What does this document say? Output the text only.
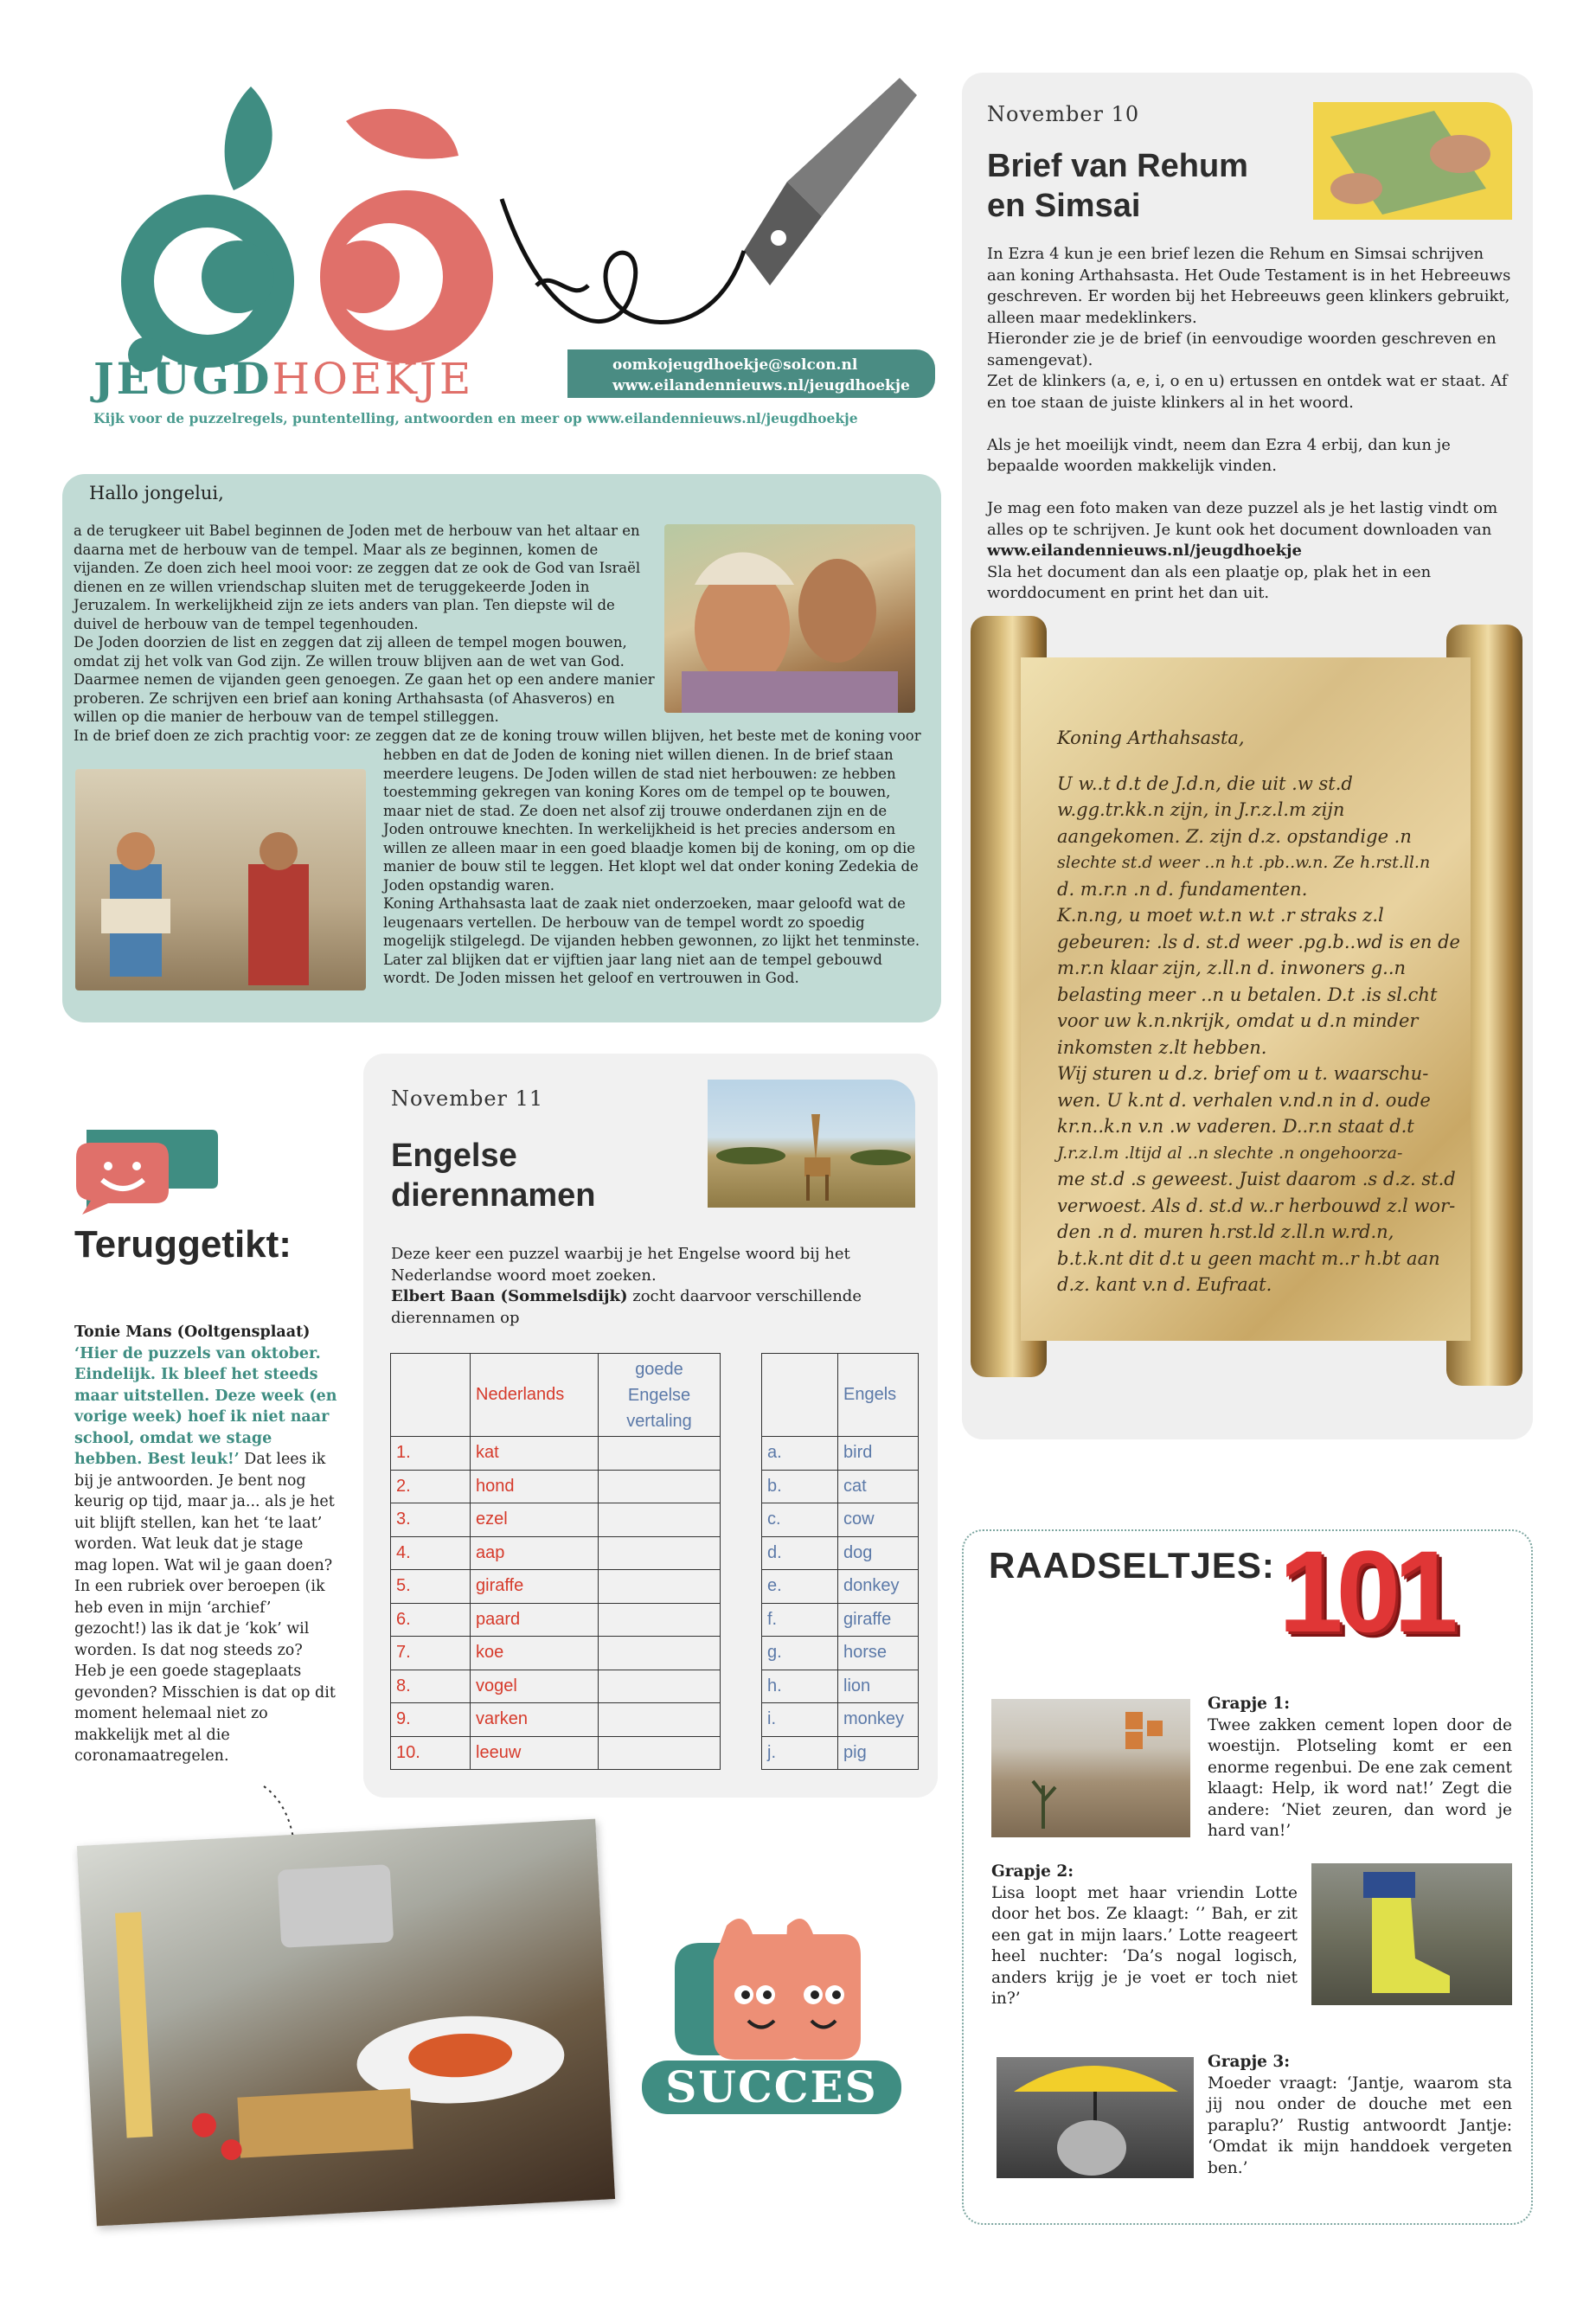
JEUGDHOEKJE	oomkojeugdhoekje@solcon.nl
www.eilandennieuws.nl/jeugdhoekje
Kijk voor de puzzelregels, puntentelling, antwoorden en meer op www.eilandennieuws.nl/jeugdhoekje
Hallo jongelui,
a de terugkeer uit Babel beginnen de Joden met de herbouw van het altaar en daarna met de herbouw van de tempel. Maar als ze beginnen, komen de vijanden. Ze doen zich heel mooi voor: ze zeggen dat ze ook de God van Israël dienen en ze willen vriendschap sluiten met de teruggekeerde Joden in Jeruzalem. In werkelijkheid zijn ze iets anders van plan. Ten diepste wil de duivel de herbouw van de tempel tegenhouden.
De Joden doorzien de list en zeggen dat zij alleen de tempel mogen bouwen, omdat zij het volk van God zijn. Ze willen trouw blijven aan de wet van God. Daarmee nemen de vijanden geen genoegen. Ze gaan het op een andere manier proberen. Ze schrijven een brief aan koning Arthahsasta (of Ahasveros) en willen op die manier de herbouw van de tempel stilleggen.
In de brief doen ze zich prachtig voor: ze zeggen dat ze de koning trouw willen blijven, het beste met de koning voor
hebben en dat de Joden de koning niet willen dienen. In de brief staan meerdere leugens. De Joden willen de stad niet herbouwen: ze hebben toestemming gekregen van koning Kores om de tempel op te bouwen, maar niet de stad. Ze doen net alsof zij trouwe onderdanen zijn en de Joden ontrouwe knechten. In werkelijkheid is het precies andersom en willen ze alleen maar in een goed blaadje komen bij de koning, om op die manier de bouw stil te leggen. Het klopt wel dat onder koning Zedekia de Joden opstandig waren.
Koning Arthahsasta laat de zaak niet onderzoeken, maar geloofd wat de leugenaars vertellen. De herbouw van de tempel wordt zo spoedig mogelijk stilgelegd. De vijanden hebben gewonnen, zo lijkt het tenminste. Later zal blijken dat er vijftien jaar lang niet aan de tempel gebouwd wordt. De Joden missen het geloof en vertrouwen in God.
November 10
Brief van Rehum
en Simsai
In Ezra 4 kun je een brief lezen die Rehum en Simsai schrijven aan koning Arthahsasta. Het Oude Testament is in het Hebreeuws geschreven. Er worden bij het Hebreeuws geen klinkers gebruikt, alleen maar medeklinkers.
Hieronder zie je de brief (in eenvoudige woorden geschreven en samengevat).
Zet de klinkers (a, e, i, o en u) ertussen en ontdek wat er staat. Af en toe staan de juiste klinkers al in het woord.

Als je het moeilijk vindt, neem dan Ezra 4 erbij, dan kun je bepaalde woorden makkelijk vinden.

Je mag een foto maken van deze puzzel als je het lastig vindt om alles op te schrijven. Je kunt ook het document downloaden van www.eilandennieuws.nl/jeugdhoekje
Sla het document dan als een plaatje op, plak het in een worddocument en print het dan uit.
Koning Arthahsasta,
U w..t d.t de J.d.n, die uit .w st.d
w.gg.tr.kk.n zijn, in J.r.z.l.m zijn
aangekomen. Z. zijn d.z. opstandige .n
slechte st.d weer ..n h.t .pb..w.n. Ze h.rst.ll.n
d. m.r.n .n d. fundamenten.
K.n.ng, u moet w.t.n w.t .r straks z.l
gebeuren: .ls d. st.d weer .pg.b..wd is en de
m.r.n klaar zijn, z.ll.n d. inwoners g..n
belasting meer ..n u betalen. D.t .is sl.cht
voor uw k.n.nkrijk, omdat u d.n minder
inkomsten z.lt hebben.
Wij sturen u d.z. brief om u t. waarschu-
wen. U k.nt d. verhalen v.nd.n in d. oude
kr.n..k.n v.n .w vaderen. D..r.n staat d.t
J.r.z.l.m .ltijd al ..n slechte .n ongehoorza-
me st.d .s geweest. Juist daarom .s d.z. st.d
verwoest. Als d. st.d w..r herbouwd z.l wor-
den .n d. muren h.rst.ld z.ll.n w.rd.n,
b.t.k.nt dit d.t u geen macht m..r h.bt aan
d.z. kant v.n d. Eufraat.
November 11
Engelse
dierennamen
Deze keer een puzzel waarbij je het Engelse woord bij het Nederlandse woord moet zoeken.
Elbert Baan (Sommelsdijk) zocht daarvoor verschillende dierennamen op
	Nederlands	goede Engelse vertaling
1.	kat	
2.	hond	
3.	ezel	
4.	aap	
5.	giraffe	
6.	paard	
7.	koe	
8.	vogel	
9.	varken	
10.	leeuw	
	Engels
a.	bird
b.	cat
c.	cow
d.	dog
e.	donkey
f.	giraffe
g.	horse
h.	lion
i.	monkey
j.	pig
Teruggetikt:
Tonie Mans (Ooltgensplaat)
‘Hier de puzzels van oktober. Eindelijk. Ik bleef het steeds maar uitstellen. Deze week (en vorige week) hoef ik niet naar school, omdat we stage hebben. Best leuk!’ Dat lees ik bij je antwoorden. Je bent nog keurig op tijd, maar ja... als je het uit blijft stellen, kan het ‘te laat’ worden. Wat leuk dat je stage mag lopen. Wat wil je gaan doen? In een rubriek over beroepen (ik heb even in mijn ‘archief’ gezocht!) las ik dat je ‘kok’ wil worden. Is dat nog steeds zo? Heb je een goede stageplaats gevonden? Misschien is dat op dit moment helemaal niet zo makkelijk met al die coronamaatregelen.
SUCCES
RAADSELTJES: 101
Grapje 1:
Twee zakken cement lopen door de woestijn. Plotseling komt er een enorme regenbui. De ene zak cement klaagt: Help, ik word nat!’ Zegt die andere: ‘Niet zeuren, dan word je hard van!’
Grapje 2:
Lisa loopt met haar vriendin Lotte door het bos. Ze klaagt: ‘’ Bah, er zit een gat in mijn laars.’ Lotte reageert heel nuchter: ‘Da’s nogal logisch, anders krijg je je voet er toch niet in?’
Grapje 3:
Moeder vraagt: ‘Jantje, waarom sta jij nou onder de douche met een paraplu?’ Rustig antwoordt Jantje: ‘Omdat ik mijn handdoek vergeten ben.’
